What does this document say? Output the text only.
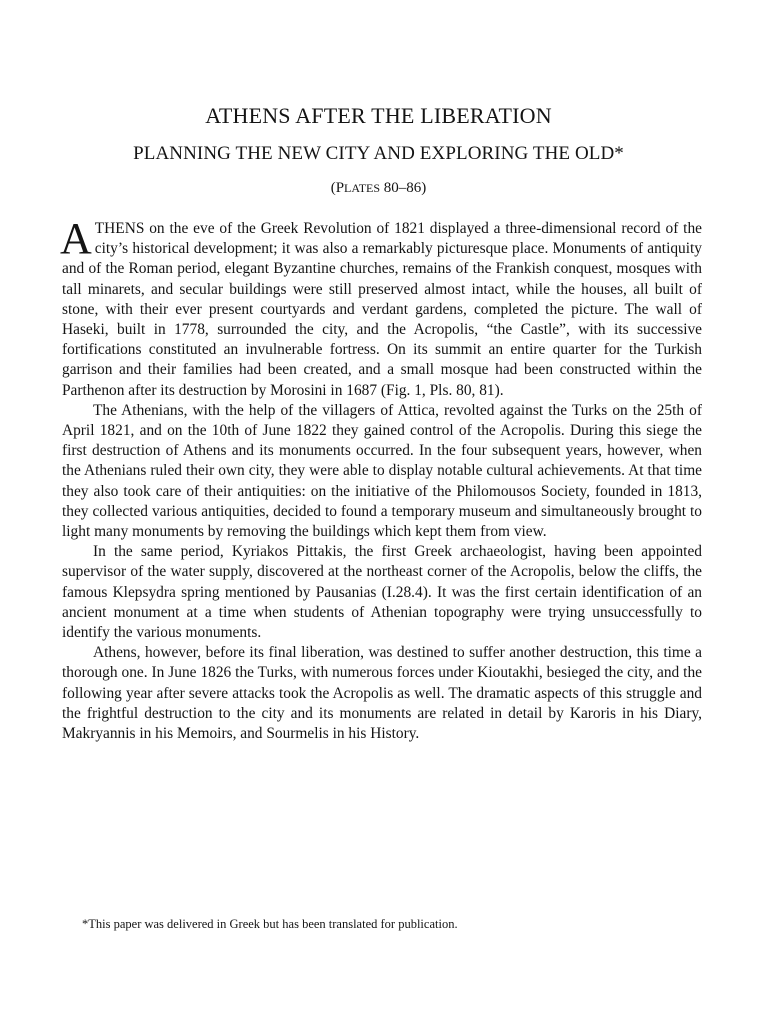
ATHENS AFTER THE LIBERATION
PLANNING THE NEW CITY AND EXPLORING THE OLD*
(PLATES 80–86)

ATHENS on the eve of the Greek Revolution of 1821 displayed a three-dimensional record of the city’s historical development; it was also a remarkably picturesque place. Monuments of antiquity and of the Roman period, elegant Byzantine churches, remains of the Frankish conquest, mosques with tall minarets, and secular buildings were still preserved almost intact, while the houses, all built of stone, with their ever present courtyards and verdant gardens, completed the picture. The wall of Haseki, built in 1778, surrounded the city, and the Acropolis, “the Castle”, with its successive fortifications constituted an invulnerable fortress. On its summit an entire quarter for the Turkish garrison and their families had been created, and a small mosque had been constructed within the Parthenon after its destruction by Morosini in 1687 (Fig. 1, Pls. 80, 81).

The Athenians, with the help of the villagers of Attica, revolted against the Turks on the 25th of April 1821, and on the 10th of June 1822 they gained control of the Acropolis. During this siege the first destruction of Athens and its monuments occurred. In the four subsequent years, however, when the Athenians ruled their own city, they were able to display notable cultural achievements. At that time they also took care of their antiquities: on the initiative of the Philomousos Society, founded in 1813, they collected various antiquities, decided to found a temporary museum and simultaneously brought to light many monuments by removing the buildings which kept them from view.

In the same period, Kyriakos Pittakis, the first Greek archaeologist, having been appointed supervisor of the water supply, discovered at the northeast corner of the Acropolis, below the cliffs, the famous Klepsydra spring mentioned by Pausanias (I.28.4). It was the first certain identification of an ancient monument at a time when students of Athenian topography were trying unsuccessfully to identify the various monuments.

Athens, however, before its final liberation, was destined to suffer another destruction, this time a thorough one. In June 1826 the Turks, with numerous forces under Kioutakhi, besieged the city, and the following year after severe attacks took the Acropolis as well. The dramatic aspects of this struggle and the frightful destruction to the city and its monuments are related in detail by Karoris in his Diary, Makryannis in his Memoirs, and Sourmelis in his History.

*This paper was delivered in Greek but has been translated for publication.
